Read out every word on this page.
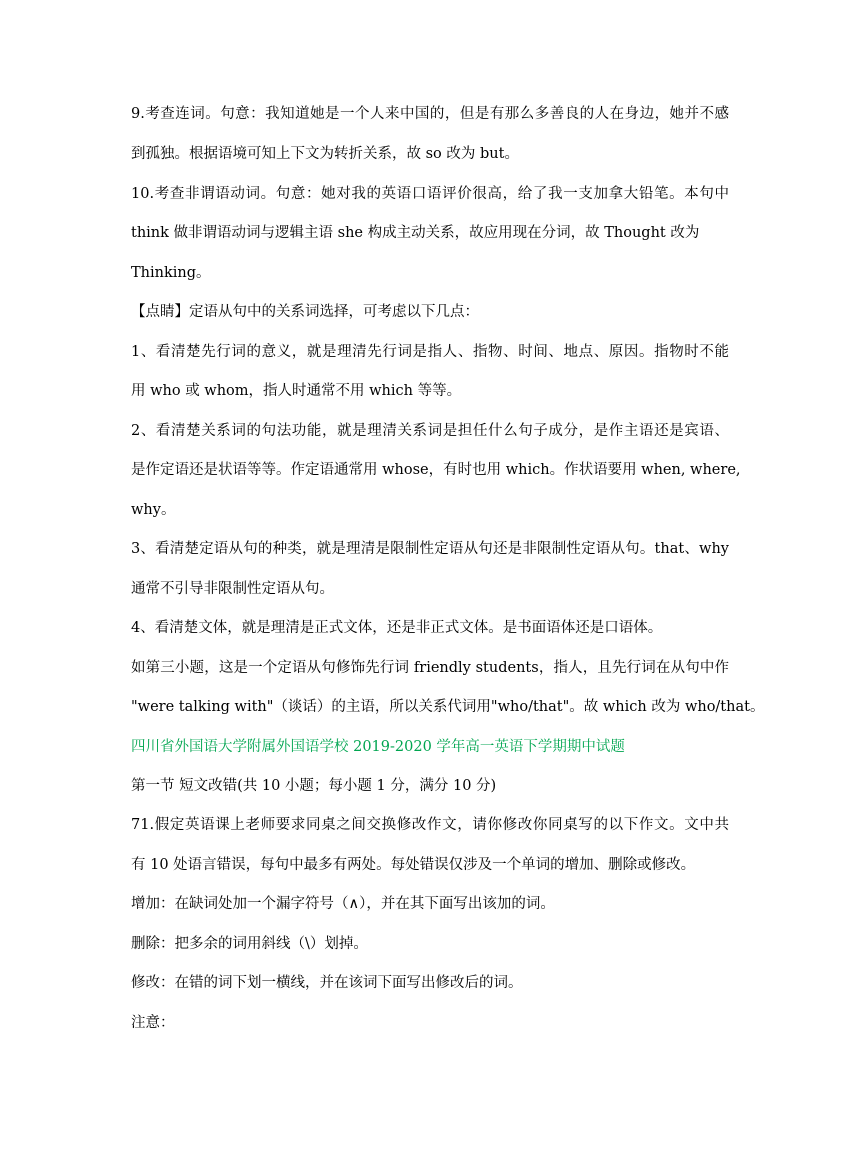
9.考查连词。句意：我知道她是一个人来中国的，但是有那么多善良的人在身边，她并不感
到孤独。根据语境可知上下文为转折关系，故 so 改为 but。
10.考查非谓语动词。句意：她对我的英语口语评价很高，给了我一支加拿大铅笔。本句中
think 做非谓语动词与逻辑主语 she 构成主动关系，故应用现在分词，故 Thought 改为
Thinking。
【点睛】定语从句中的关系词选择，可考虑以下几点：
1、看清楚先行词的意义，就是理清先行词是指人、指物、时间、地点、原因。指物时不能
用 who 或 whom，指人时通常不用 which 等等。
2、看清楚关系词的句法功能，就是理清关系词是担任什么句子成分，是作主语还是宾语、
是作定语还是状语等等。作定语通常用 whose，有时也用 which。作状语要用 when, where,
why。
3、看清楚定语从句的种类，就是理清是限制性定语从句还是非限制性定语从句。that、why
通常不引导非限制性定语从句。
4、看清楚文体，就是理清是正式文体，还是非正式文体。是书面语体还是口语体。
如第三小题，这是一个定语从句修饰先行词 friendly students，指人，且先行词在从句中作
"were talking with"（谈话）的主语，所以关系代词用"who/that"。故 which 改为 who/that。
四川省外国语大学附属外国语学校 2019-2020 学年高一英语下学期期中试题
第一节 短文改错(共 10 小题；每小题 1 分，满分 10 分)
71.假定英语课上老师要求同桌之间交换修改作文，请你修改你同桌写的以下作文。文中共
有 10 处语言错误，每句中最多有两处。每处错误仅涉及一个单词的增加、删除或修改。
增加：在缺词处加一个漏字符号（∧），并在其下面写出该加的词。
删除：把多余的词用斜线（\）划掉。
修改：在错的词下划一横线，并在该词下面写出修改后的词。
注意：
